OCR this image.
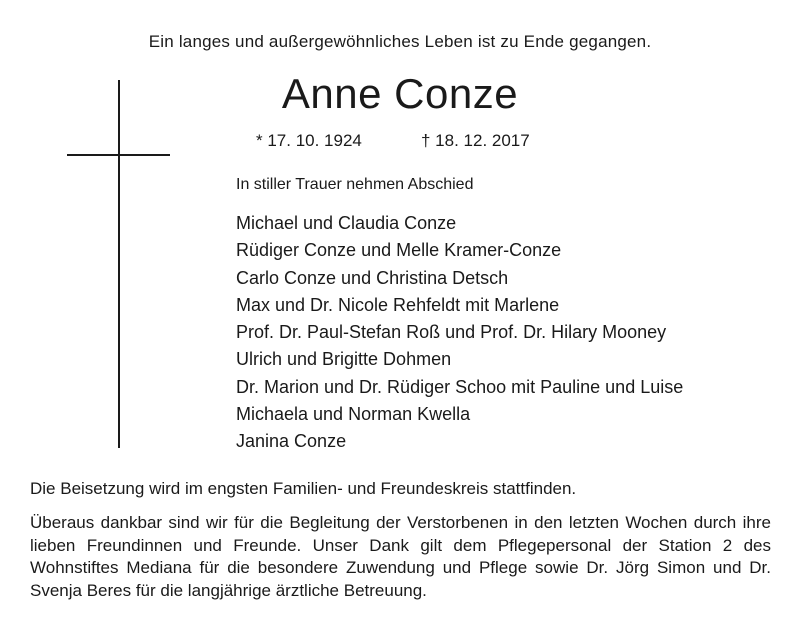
Ein langes und außergewöhnliches Leben ist zu Ende gegangen.
Anne Conze
* 17. 10. 1924	† 18. 12. 2017
In stiller Trauer nehmen Abschied
Michael und Claudia Conze
Rüdiger Conze und Melle Kramer-Conze
Carlo Conze und Christina Detsch
Max und Dr. Nicole Rehfeldt mit Marlene
Prof. Dr. Paul-Stefan Roß und Prof. Dr. Hilary Mooney
Ulrich und Brigitte Dohmen
Dr. Marion und Dr. Rüdiger Schoo mit Pauline und Luise
Michaela und Norman Kwella
Janina Conze
Die Beisetzung wird im engsten Familien- und Freundeskreis stattfinden.

Überaus dankbar sind wir für die Begleitung der Verstorbenen in den letzten Wochen durch ihre lieben Freundinnen und Freunde. Unser Dank gilt dem Pflegepersonal der Station 2 des Wohnstiftes Mediana für die besondere Zuwendung und Pflege sowie Dr. Jörg Simon und Dr. Svenja Beres für die langjährige ärztliche Betreuung.
